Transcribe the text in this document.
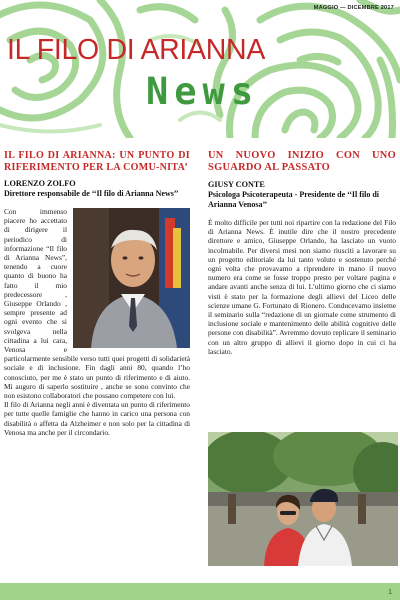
MAGGIO — DICEMBRE 2017
IL FILO DI ARIANNA
News
IL FILO DI ARIANNA: UN PUNTO DI RIFERIMENTO PER LA COMU-NITA’
LORENZO ZOLFO
Direttore responsabile de ‘‘Il filo di Arianna News’’

Con immenso piacere ho accettato di dirigere il periodico di informazione “Il filo di Arianna News”, tenendo a cuore quanto di buono ha fatto il mio predecessore , Giuseppe Orlando , sempre presente ad ogni evento che si svolgeva nella cittadina a lui cara, Venosa e particolarmente sensibile verso tutti quei progetti di solidarietà sociale e di inclusione. Fin dagli anni 80, quando l’ho conosciuto, per me è stato un punto di riferimento e di aiuto. Mi auguro di saperlo sostituire , anche se sono convinto che non esistono collaboratori che possano competere con lui.

Il filo di Arianna negli anni è diventata un punto di riferimento per tutte quelle famiglie che hanno in carico una persona con disabilità o affetta da Alzheimer e non solo per la cittadina di Venosa ma anche per il circondario.

UN NUOVO INIZIO CON UNO SGUARDO AL PASSATO
GIUSY CONTE
Psicologa Psicoterapeuta - Presidente de ‘‘Il filo di Arianna Venosa’’
È molto difficile per tutti noi ripartire con la redazione del Filo di Arianna News. È inutile dire che il nostro precedente direttore e amico, Giuseppe Orlando, ha lasciato un vuoto incolmabile. Per diversi mesi non siamo riusciti a lavorare su un progetto editoriale da lui tanto voluto e sostenuto perché ogni volta che provavamo a riprendere in mano il nuovo numero era come se fosse troppo presto per voltare pagina e andare avanti anche senza di lui. L’ultimo giorno che ci siamo visti è stato per la formazione degli allievi del Liceo delle scienze umane G. Fortunato di Rionero. Conducevamo insieme il seminario sulla “redazione di un giornale come strumento di inclusione sociale e mantenimento delle abilità cognitive delle persone con disabilità”. Avremmo dovuto replicare il seminario con un altro gruppo di allievi il giorno dopo in cui ci ha lasciato.
1
